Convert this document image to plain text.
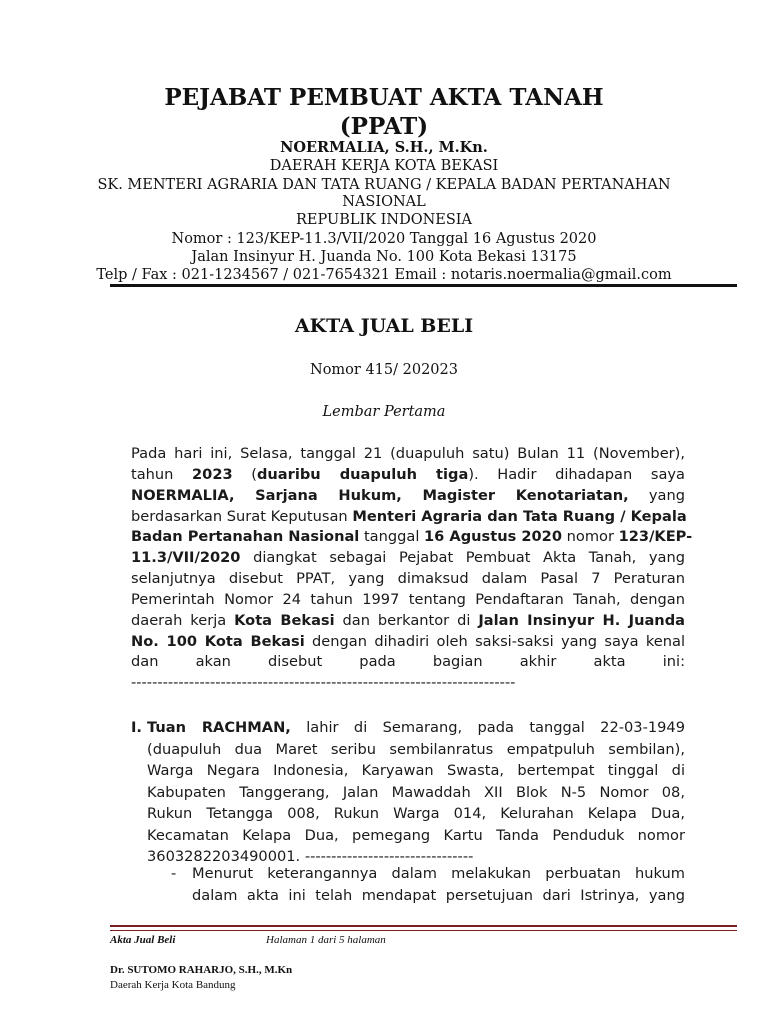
PEJABAT PEMBUAT AKTA TANAH
(PPAT)
NOERMALIA, S.H., M.Kn.
DAERAH KERJA KOTA BEKASI
SK. MENTERI AGRARIA DAN TATA RUANG / KEPALA BADAN PERTANAHAN
NASIONAL
REPUBLIK INDONESIA
Nomor : 123/KEP-11.3/VII/2020 Tanggal 16 Agustus 2020
Jalan Insinyur H. Juanda No. 100 Kota Bekasi 13175
Telp / Fax : 021-1234567 / 021-7654321 Email : notaris.noermalia@gmail.com
AKTA JUAL BELI
Nomor 415/ 202023
Lembar Pertama
Pada hari ini, Selasa, tanggal 21 (duapuluh satu) Bulan 11 (November),
tahun 2023 (duaribu duapuluh tiga). Hadir dihadapan saya
NOERMALIA, Sarjana Hukum, Magister Kenotariatan, yang
berdasarkan Surat Keputusan Menteri Agraria dan Tata Ruang / Kepala
Badan Pertanahan Nasional tanggal 16 Agustus 2020 nomor 123/KEP-
11.3/VII/2020 diangkat sebagai Pejabat Pembuat Akta Tanah, yang
selanjutnya disebut PPAT, yang dimaksud dalam Pasal 7 Peraturan
Pemerintah Nomor 24 tahun 1997 tentang Pendaftaran Tanah, dengan
daerah kerja Kota Bekasi dan berkantor di Jalan Insinyur H. Juanda
No. 100 Kota Bekasi dengan dihadiri oleh saksi-saksi yang saya kenal
dan akan disebut pada bagian akhir akta ini:
-------------------------------------------------------------------------
I. Tuan RACHMAN, lahir di Semarang, pada tanggal 22-03-1949
(duapuluh dua Maret seribu sembilanratus empatpuluh sembilan),
Warga Negara Indonesia, Karyawan Swasta, bertempat tinggal di
Kabupaten Tanggerang, Jalan Mawaddah XII Blok N-5 Nomor 08,
Rukun Tetangga 008, Rukun Warga 014, Kelurahan Kelapa Dua,
Kecamatan Kelapa Dua, pemegang Kartu Tanda Penduduk nomor
3603282203490001. --------------------------------
- Menurut keterangannya dalam melakukan perbuatan hukum
dalam akta ini telah mendapat persetujuan dari Istrinya, yang
Akta Jual Beli	Halaman 1 dari 5 halaman
Dr. SUTOMO RAHARJO, S.H., M.Kn
Daerah Kerja Kota Bandung
